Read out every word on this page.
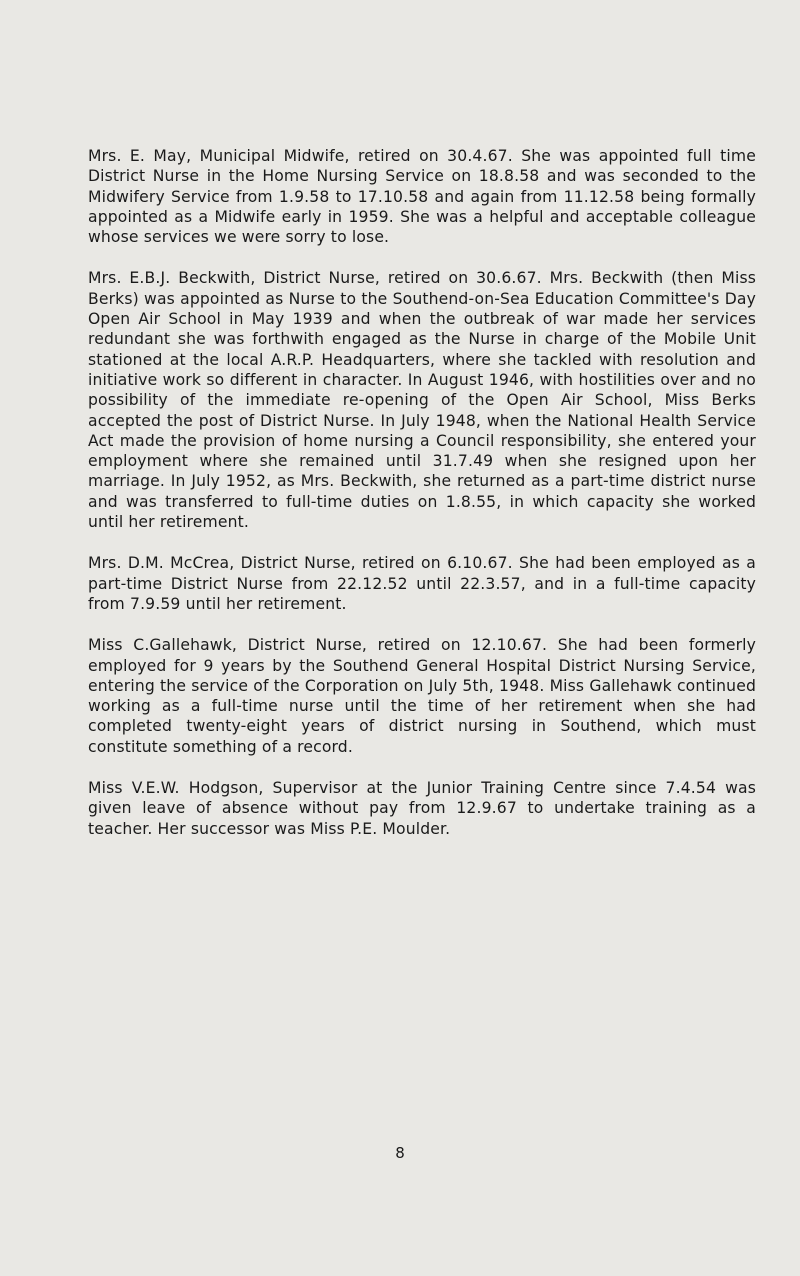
Mrs. E. May, Municipal Midwife, retired on 30.4.67. She was appointed full time District Nurse in the Home Nursing Service on 18.8.58 and was seconded to the Midwifery Service from 1.9.58 to 17.10.58 and again from 11.12.58 being formally appointed as a Midwife early in 1959. She was a helpful and acceptable colleague whose services we were sorry to lose.

Mrs. E.B.J. Beckwith, District Nurse, retired on 30.6.67. Mrs. Beckwith (then Miss Berks) was appointed as Nurse to the Southend-on-Sea Education Committee's Day Open Air School in May 1939 and when the outbreak of war made her services redundant she was forthwith engaged as the Nurse in charge of the Mobile Unit stationed at the local A.R.P. Headquarters, where she tackled with resolution and initiative work so different in character. In August 1946, with hostilities over and no possibility of the immediate re-opening of the Open Air School, Miss Berks accepted the post of District Nurse. In July 1948, when the National Health Service Act made the provision of home nursing a Council responsibility, she entered your employment where she remained until 31.7.49 when she resigned upon her marriage. In July 1952, as Mrs. Beckwith, she returned as a part-time district nurse and was transferred to full-time duties on 1.8.55, in which capacity she worked until her retirement.

Mrs. D.M. McCrea, District Nurse, retired on 6.10.67. She had been employed as a part-time District Nurse from 22.12.52 until 22.3.57, and in a full-time capacity from 7.9.59 until her retirement.

Miss C.Gallehawk, District Nurse, retired on 12.10.67. She had been formerly employed for 9 years by the Southend General Hospital District Nursing Service, entering the service of the Corporation on July 5th, 1948. Miss Gallehawk continued working as a full-time nurse until the time of her retirement when she had completed twenty-eight years of district nursing in Southend, which must constitute something of a record.

Miss V.E.W. Hodgson, Supervisor at the Junior Training Centre since 7.4.54 was given leave of absence without pay from 12.9.67 to undertake training as a teacher. Her successor was Miss P.E. Moulder.

8
